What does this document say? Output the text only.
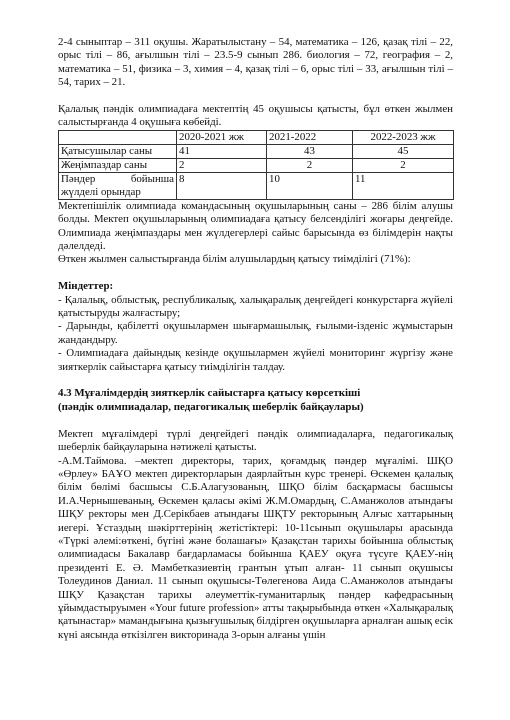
2-4 сыныптар – 311 оқушы. Жаратылыстану – 54, математика – 126, қазақ тілі – 22, орыс тілі – 86, ағылшын тілі – 23.5-9 сынып 286. биология – 72, география – 2, математика – 51, физика – 3, химия – 4, қазақ тілі – 6, орыс тілі – 33, ағылшын тілі – 54, тарих – 21.

Қалалық пәндік олимпиадаға мектептің 45 оқушысы қатысты, бұл өткен жылмен салыстырғанда 4 оқушыға көбейді.

	2020-2021 жж	2021-2022	2022-2023 жж
Қатысушылар саны	41	43	45
Жеңімпаздар саны	2	2	2

Пәндер бойынша
жүлделі орындар	8	10	11

Мектепішілік олимпиада командасының оқушыларының саны – 286 білім алушы болды. Мектеп оқушыларының олимпиадаға қатысу белсенділігі жоғары деңгейде. Олимпиада жеңімпаздары мен жүлдегерлері сайыс барысында өз білімдерін нақты дәлелдеді.

Өткен жылмен салыстырғанда білім алушылардың қатысу тиімділігі (71%):

Міндеттер:

- Қалалық, облыстық, республикалық, халықаралық деңгейдегі конкурстарға жүйелі қатыстыруды жалғастыру;

- Дарынды, қабілетті оқушылармен шығармашылық, ғылыми-ізденіс жұмыстарын жандандыру.

- Олимпиадаға дайындық кезінде оқушылармен жүйелі мониторинг жүргізу және зияткерлік сайыстарға қатысу тиімділігін талдау.

4.3 Мұғалімдердің зияткерлік сайыстарға қатысу көрсеткіші

(пәндік олимпиадалар, педагогикалық шеберлік байқаулары)

Мектеп мұғалімдері түрлі деңгейдегі пәндік олимпиадаларға, педагогикалық шеберлік байқауларына нәтижелі қатысты.

-А.М.Таймова. –мектеп директоры, тарих, қоғамдық пәндер мұғалімі. ШҚО «Өрлеу» БАҰО мектеп директорларын даярлайтын курс тренері. Өскемен қалалық білім бөлімі басшысы С.Б.Алагузованың, ШҚО білім басқармасы басшысы И.А.Чернышеваның, Өскемен қаласы әкімі Ж.М.Омардың, С.Аманжолов атындағы ШҚУ ректоры мен Д.Серікбаев атындағы ШҚТУ ректорының Алғыс хаттарының иегері. Ұстаздың шәкірттерінің жетістіктері: 10-11сынып оқушылары арасында «Түркі әлемі:өткені, бүгіні және болашағы» Қазақстан тарихы бойынша облыстық олимпиадасы Бакалавр бағдарламасы бойынша ҚАЕУ оқуға түсуге ҚАЕУ-нің президенті Е. Ә. Мәмбетказиевтің грантын ұтып алған- 11 сынып оқушысы Толеудинов Даниал. 11 сынып оқушысы-Төлегенова Аида С.Аманжолов атындағы ШҚУ Қазақстан тарихы әлеуметтік-гуманитарлық пәндер кафедрасының ұйымдастыруымен «Your future profession» атты тақырыбында өткен «Халықаралық қатынастар» мамандығына қызығушылық білдірген оқушыларға арналған ашық есік күні аясында өткізілген викторинада 3-орын алғаны үшін
